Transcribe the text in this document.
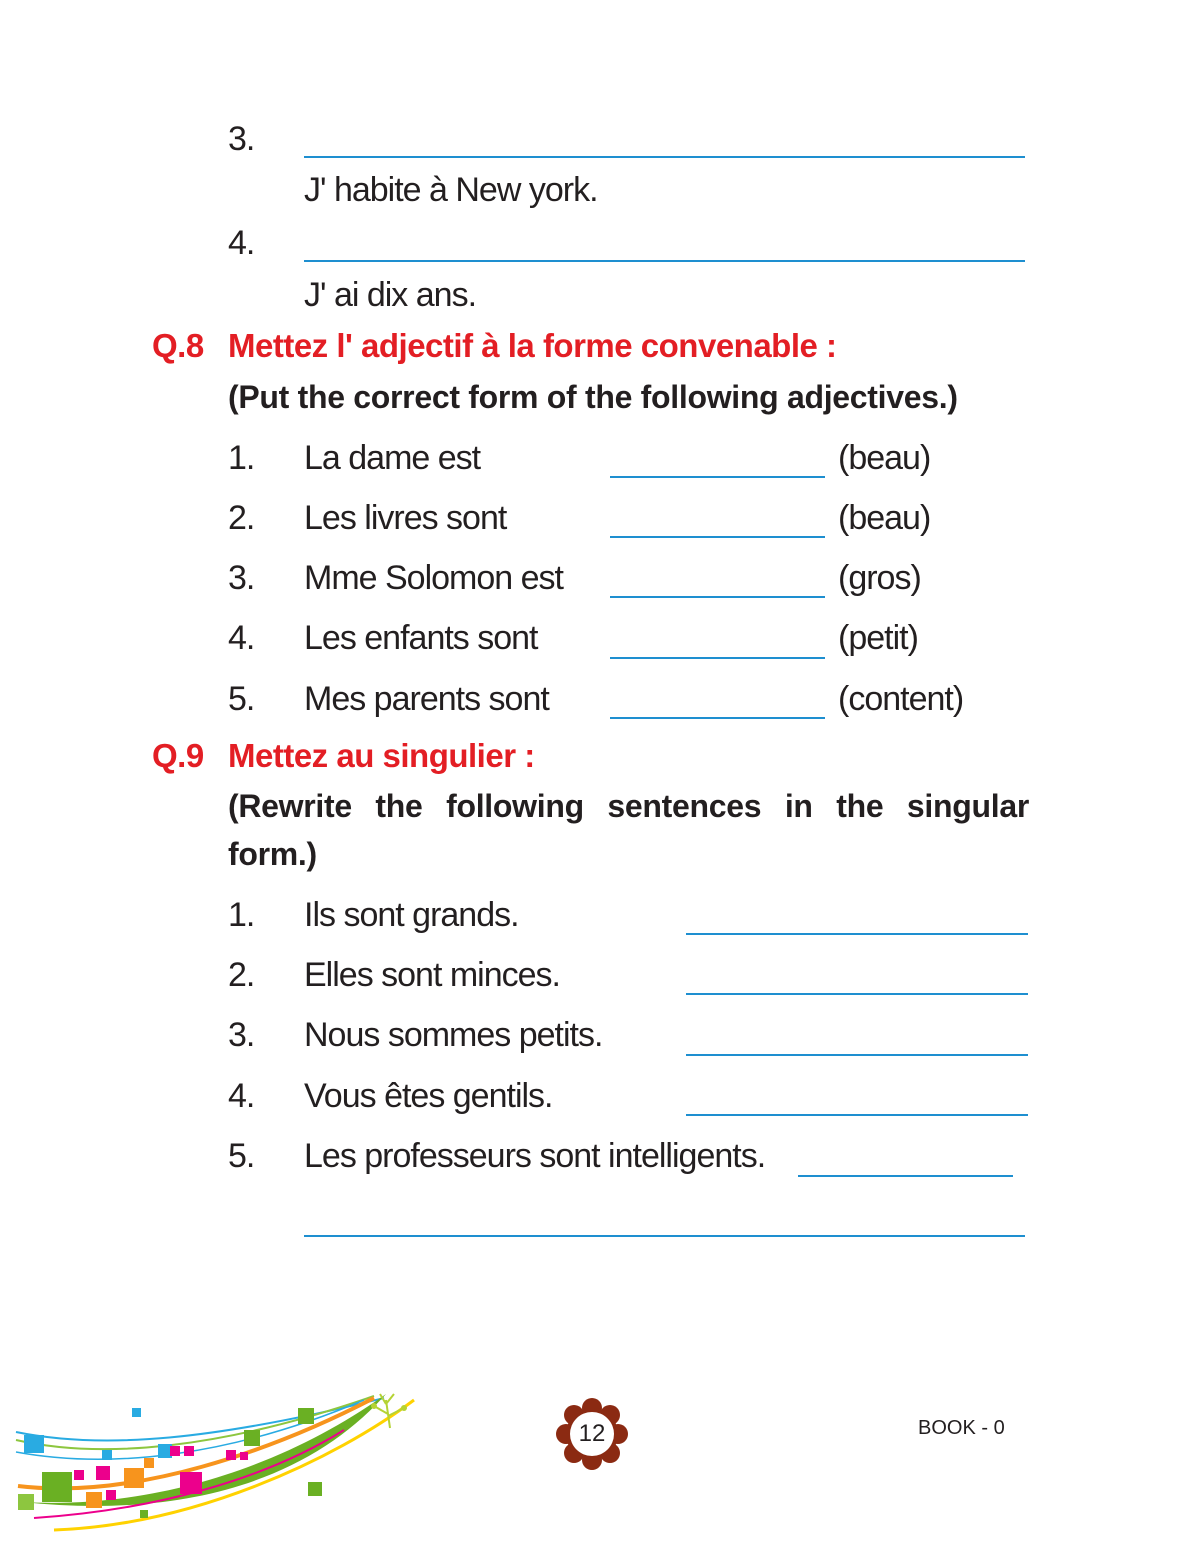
3.
J' habite à New york.
4.
J' ai dix ans.
Q.8 Mettez l' adjectif à la forme convenable :
(Put the correct form of the following adjectives.)
1. La dame est	(beau)
2. Les livres sont	(beau)
3. Mme Solomon est	(gros)
4. Les enfants sont	(petit)
5. Mes parents sont	(content)
Q.9 Mettez au singulier :
(Rewrite the following sentences in the singular
form.)
1. Ils sont grands.
2. Elles sont minces.
3. Nous sommes petits.
4. Vous êtes gentils.
5. Les professeurs sont intelligents.
12	BOOK - 0
